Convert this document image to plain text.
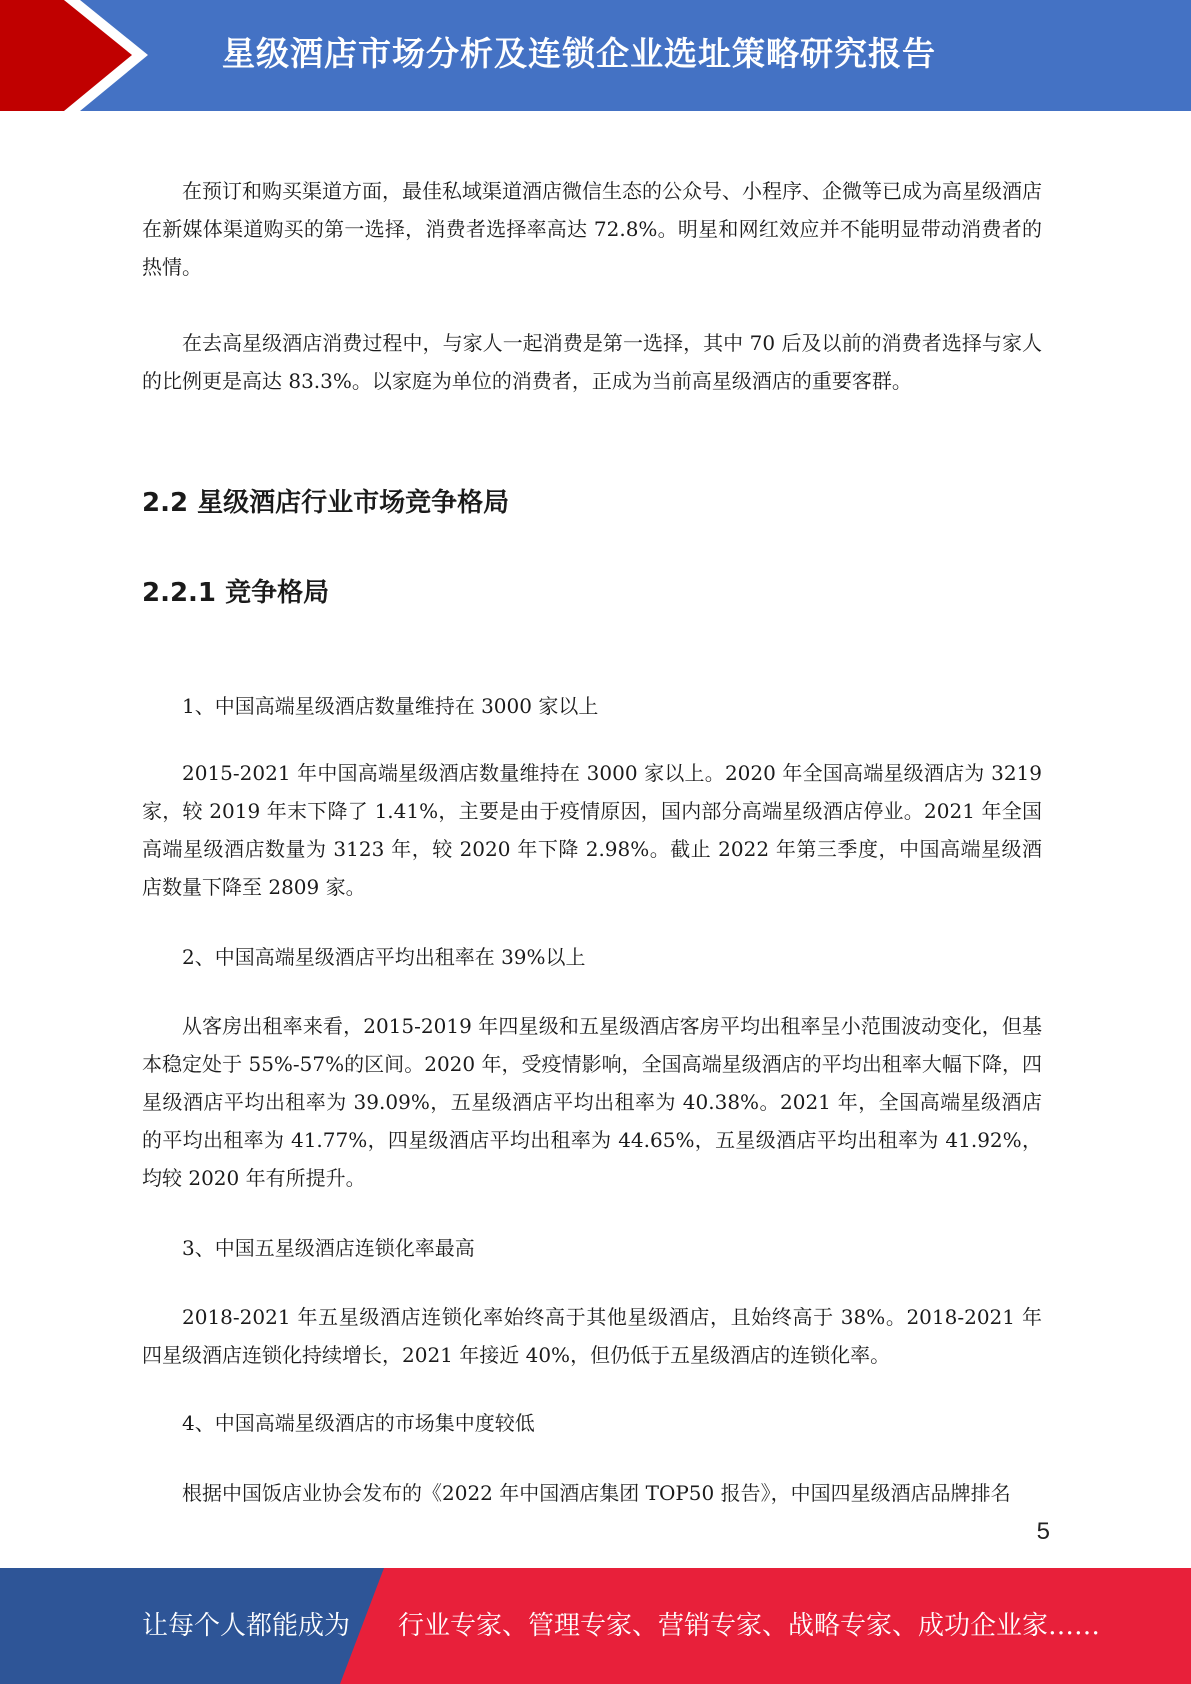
星级酒店市场分析及连锁企业选址策略研究报告

在预订和购买渠道方面，最佳私域渠道酒店微信生态的公众号、小程序、企微等已成为高星级酒店在新媒体渠道购买的第一选择，消费者选择率高达 72.8%。明星和网红效应并不能明显带动消费者的热情。

在去高星级酒店消费过程中，与家人一起消费是第一选择，其中 70 后及以前的消费者选择与家人的比例更是高达 83.3%。以家庭为单位的消费者，正成为当前高星级酒店的重要客群。

2.2 星级酒店行业市场竞争格局
2.2.1 竞争格局

1、中国高端星级酒店数量维持在 3000 家以上

2015-2021 年中国高端星级酒店数量维持在 3000 家以上。2020 年全国高端星级酒店为 3219 家，较 2019 年末下降了 1.41%，主要是由于疫情原因，国内部分高端星级酒店停业。2021 年全国高端星级酒店数量为 3123 年，较 2020 年下降 2.98%。截止 2022 年第三季度，中国高端星级酒店数量下降至 2809 家。

2、中国高端星级酒店平均出租率在 39%以上

从客房出租率来看，2015-2019 年四星级和五星级酒店客房平均出租率呈小范围波动变化，但基本稳定处于 55%-57%的区间。2020 年，受疫情影响，全国高端星级酒店的平均出租率大幅下降，四星级酒店平均出租率为 39.09%，五星级酒店平均出租率为 40.38%。2021 年，全国高端星级酒店的平均出租率为 41.77%，四星级酒店平均出租率为 44.65%，五星级酒店平均出租率为 41.92%，均较 2020 年有所提升。

3、中国五星级酒店连锁化率最高

2018-2021 年五星级酒店连锁化率始终高于其他星级酒店，且始终高于 38%。2018-2021 年四星级酒店连锁化持续增长，2021 年接近 40%，但仍低于五星级酒店的连锁化率。

4、中国高端星级酒店的市场集中度较低

根据中国饭店业协会发布的《2022 年中国酒店集团 TOP50 报告》，中国四星级酒店品牌排名

5
让每个人都能成为 行业专家、管理专家、营销专家、战略专家、成功企业家……
